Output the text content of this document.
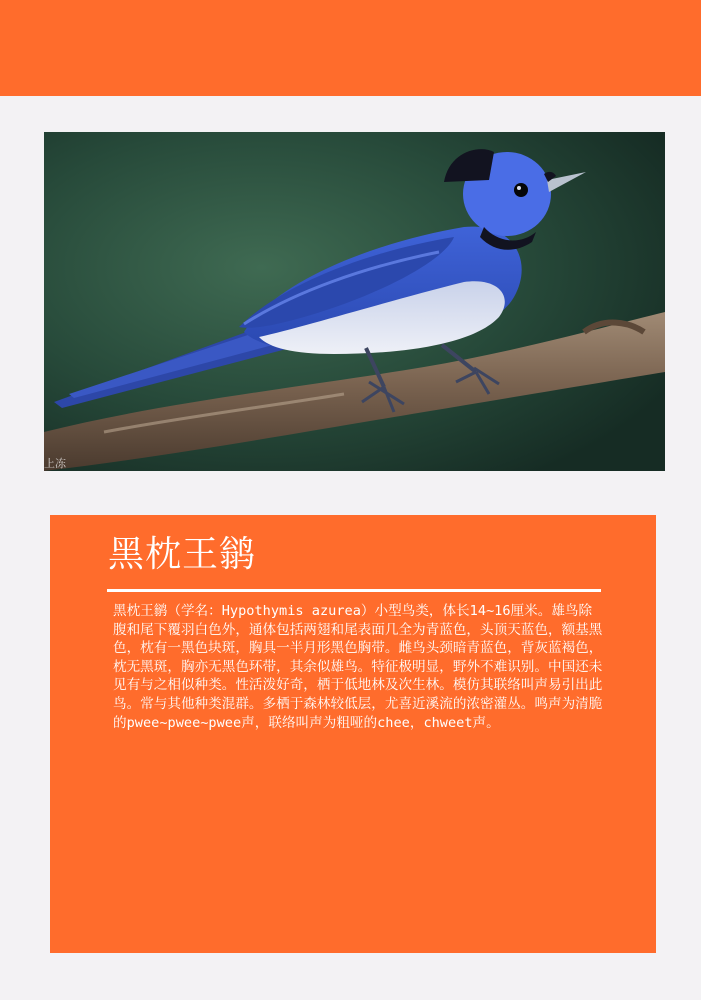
上冻
黑枕王鹟

黑枕王鹟（学名：Hypothymis azurea）小型鸟类，体长14~16厘米。雄鸟除腹和尾下覆羽白色外，通体包括两翅和尾表面几全为青蓝色，头顶天蓝色，额基黑色，枕有一黑色块斑，胸具一半月形黑色胸带。雌鸟头颈暗青蓝色，背灰蓝褐色，枕无黑斑，胸亦无黑色环带，其余似雄鸟。特征极明显，野外不难识别。中国还未见有与之相似种类。性活泼好奇，栖于低地林及次生林。模仿其联络叫声易引出此鸟。常与其他种类混群。多栖于森林较低层，尤喜近溪流的浓密灌丛。鸣声为清脆的pwee~pwee~pwee声，联络叫声为粗哑的chee，chweet声。
